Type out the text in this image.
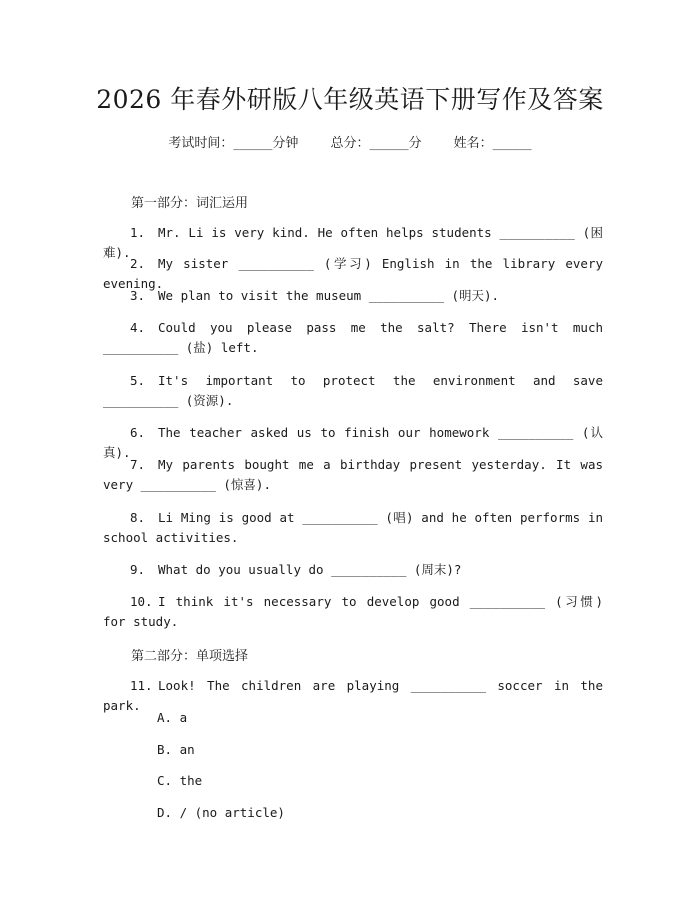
2026 年春外研版八年级英语下册写作及答案
考试时间：______分钟 总分：______分 姓名：______
第一部分：词汇运用
1. Mr. Li is very kind. He often helps students __________ (困难).
2. My sister __________ (学习) English in the library every evening.
3. We plan to visit the museum __________ (明天).
4. Could you please pass me the salt? There isn't much __________ (盐) left.
5. It's important to protect the environment and save __________ (资源).
6. The teacher asked us to finish our homework __________ (认真).
7. My parents bought me a birthday present yesterday. It was very __________ (惊喜).
8. Li Ming is good at __________ (唱) and he often performs in school activities.
9. What do you usually do __________ (周末)?
10. I think it's necessary to develop good __________ (习惯) for study.
第二部分：单项选择
11. Look! The children are playing __________ soccer in the park.
A. a
B. an
C. the
D. / (no article)
